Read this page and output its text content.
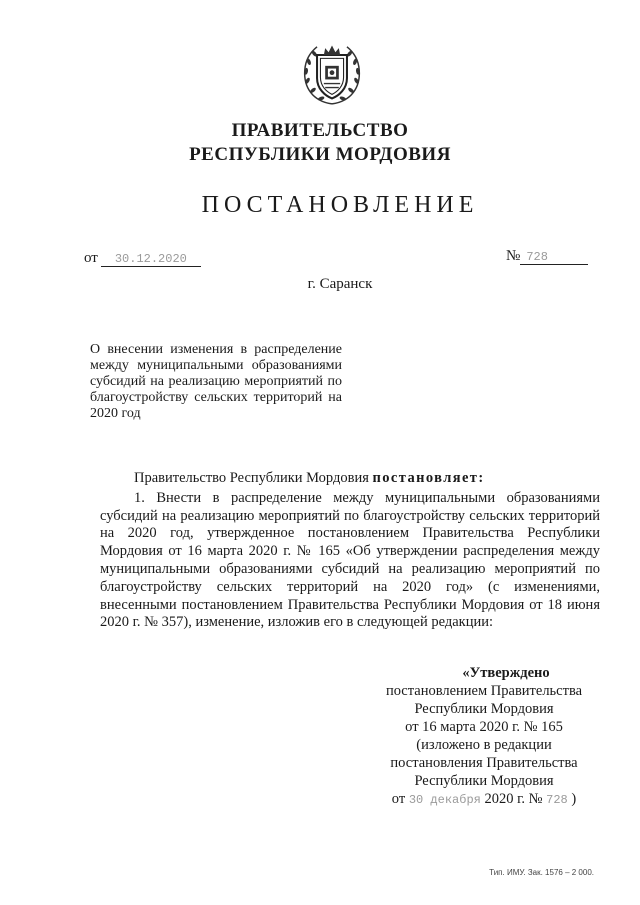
ПРАВИТЕЛЬСТВО
РЕСПУБЛИКИ МОРДОВИЯ
ПОСТАНОВЛЕНИЕ
от 30.12.2020	№ 728
г. Саранск
О внесении изменения в распределение между муниципальными образованиями субсидий на реализацию мероприятий по благоустройству сельских территорий на 2020 год

Правительство Республики Мордовия постановляет:

1. Внести в распределение между муниципальными образованиями субсидий на реализацию мероприятий по благоустройству сельских территорий на 2020 год, утвержденное постановлением Правительства Республики Мордовия от 16 марта 2020 г. № 165 «Об утверждении распределения между муниципальными образованиями субсидий на реализацию мероприятий по благоустройству сельских территорий на 2020 год» (с изменениями, внесенными постановлением Правительства Республики Мордовия от 18 июня 2020 г. № 357), изменение, изложив его в следующей редакции:

«Утверждено
постановлением Правительства
Республики Мордовия
от 16 марта 2020 г. № 165
(изложено в редакции
постановления Правительства
Республики Мордовия
от 30 декабря 2020 г. № 728 )
Тип. ИМУ. Зак. 1576 – 2 000.
